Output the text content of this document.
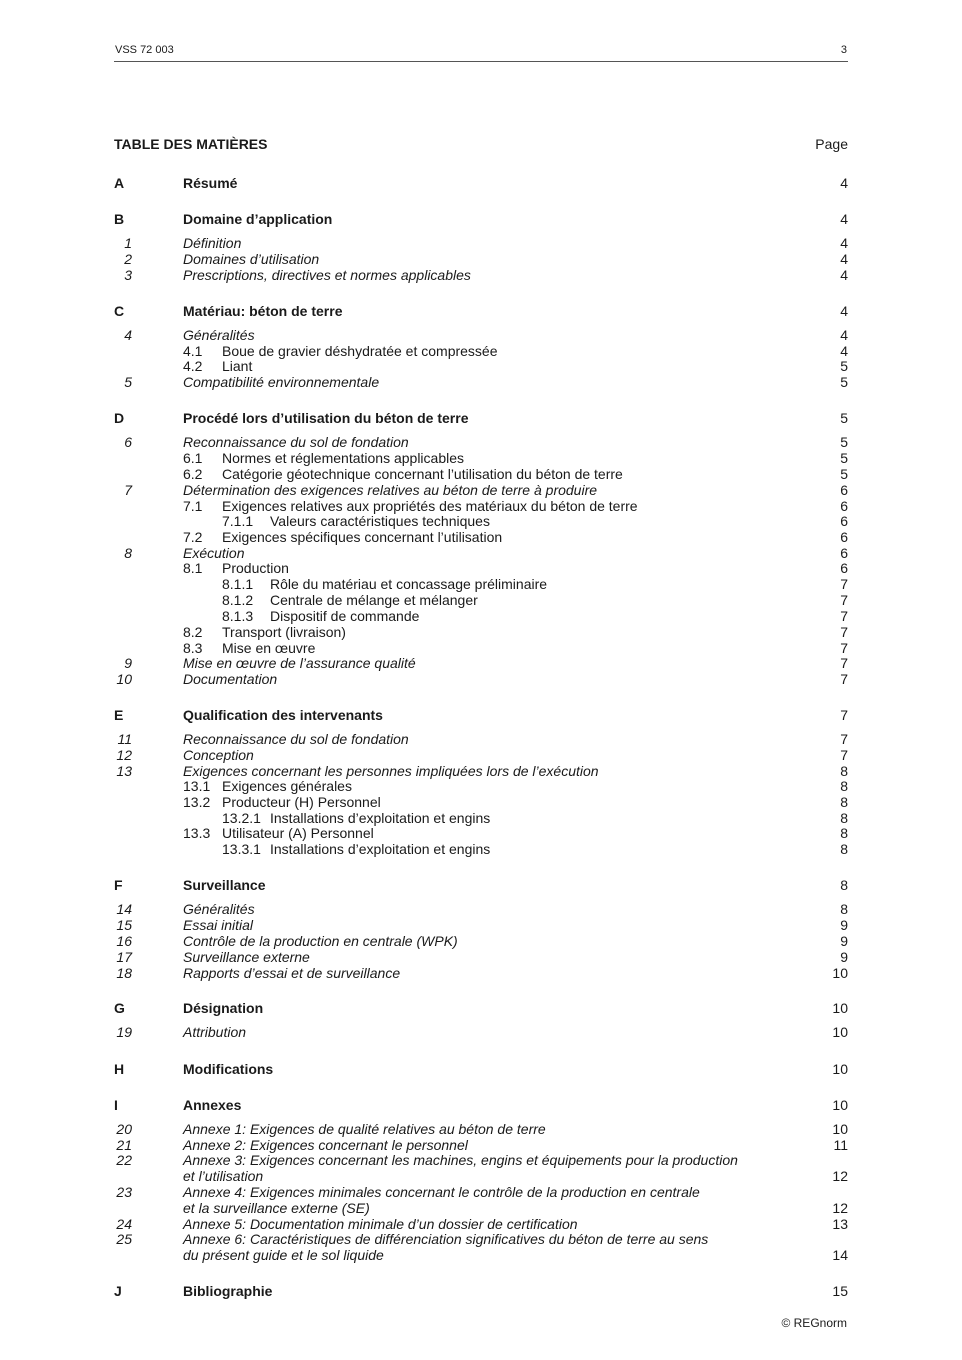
VSS 72 003	3
TABLE DES MATIÈRES	Page
A	Résumé	4
B	Domaine d’application	4
1	Définition	4
2	Domaines d’utilisation	4
3	Prescriptions, directives et normes applicables	4
C	Matériau: béton de terre	4
4	Généralités	4
4.1 Boue de gravier déshydratée et compressée	4
4.2 Liant	5
5	Compatibilité environnementale	5
D	Procédé lors d’utilisation du béton de terre	5
6	Reconnaissance du sol de fondation	5
6.1 Normes et réglementations applicables	5
6.2 Catégorie géotechnique concernant l’utilisation du béton de terre	5
7	Détermination des exigences relatives au béton de terre à produire	6
7.1 Exigences relatives aux propriétés des matériaux du béton de terre	6
7.1.1 Valeurs caractéristiques techniques	6
7.2 Exigences spécifiques concernant l’utilisation	6
8	Exécution	6
8.1 Production	6
8.1.1 Rôle du matériau et concassage préliminaire	7
8.1.2 Centrale de mélange et mélanger	7
8.1.3 Dispositif de commande	7
8.2 Transport (livraison)	7
8.3 Mise en œuvre	7
9	Mise en œuvre de l’assurance qualité	7
10	Documentation	7
E	Qualification des intervenants	7
11	Reconnaissance du sol de fondation	7
12	Conception	7
13	Exigences concernant les personnes impliquées lors de l’exécution	8
13.1 Exigences générales	8
13.2 Producteur (H) Personnel	8
13.2.1 Installations d’exploitation et engins	8
13.3 Utilisateur (A) Personnel	8
13.3.1 Installations d’exploitation et engins	8
F	Surveillance	8
14	Généralités	8
15	Essai initial	9
16	Contrôle de la production en centrale (WPK)	9
17	Surveillance externe	9
18	Rapports d’essai et de surveillance	10
G	Désignation	10
19	Attribution	10
H	Modifications	10
I	Annexes	10
20	Annexe 1: Exigences de qualité relatives au béton de terre	10
21	Annexe 2: Exigences concernant le personnel	11
22	Annexe 3: Exigences concernant les machines, engins et équipements pour la production
et l’utilisation	12
23	Annexe 4: Exigences minimales concernant le contrôle de la production en centrale
et la surveillance externe (SE)	12
24	Annexe 5: Documentation minimale d’un dossier de certification	13
25	Annexe 6: Caractéristiques de différenciation significatives du béton de terre au sens
du présent guide et le sol liquide	14
J	Bibliographie	15
© REGnorm
